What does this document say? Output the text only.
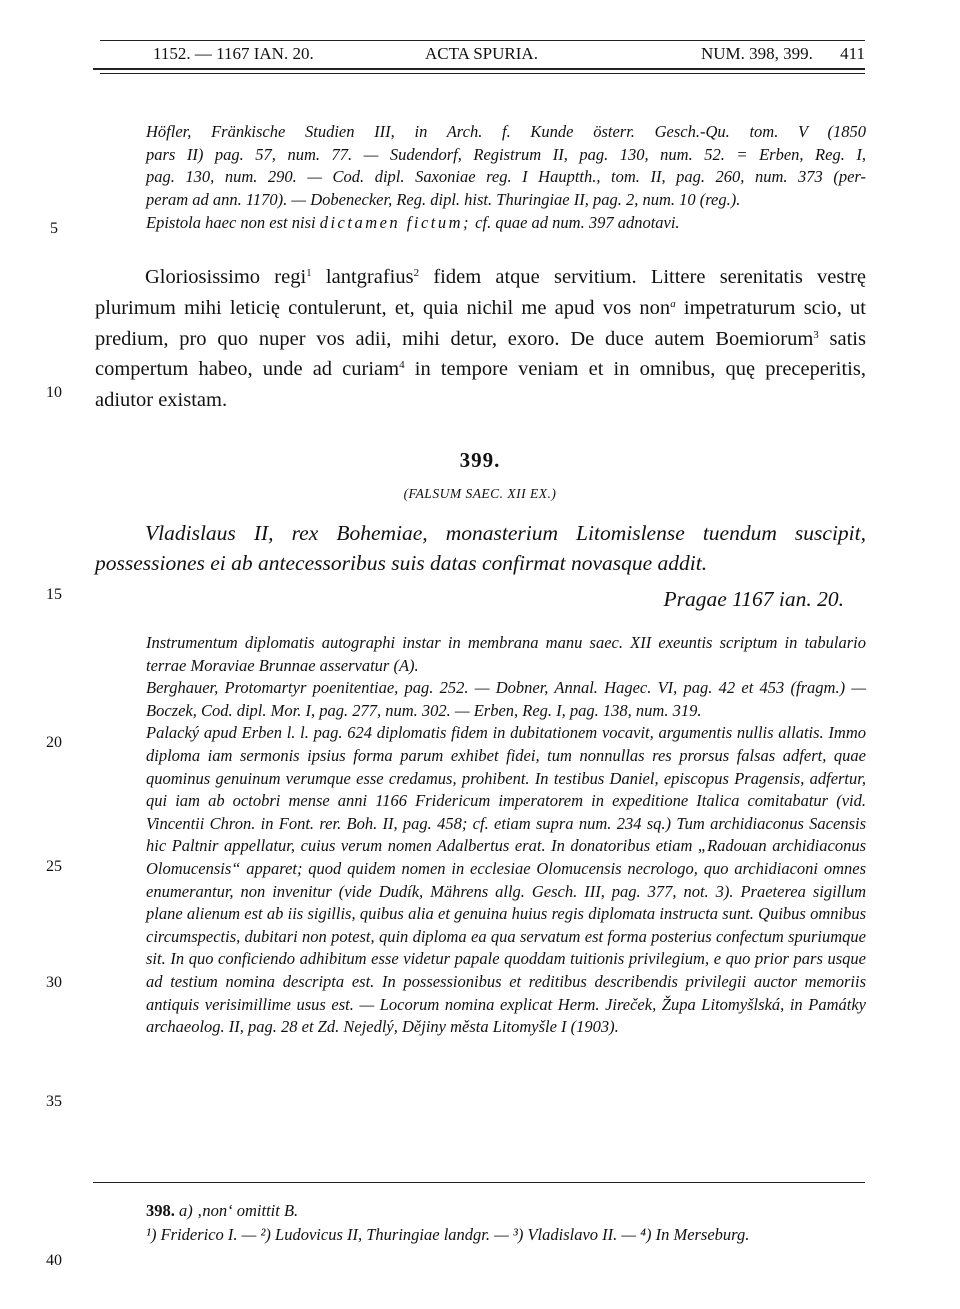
1152. — 1167 IAN. 20.	ACTA SPURIA.	NUM. 398, 399. 411
5
10
15
20
25
30
35
40

Höfler, Fränkische Studien III, in Arch. f. Kunde österr. Gesch.-Qu. tom. V (1850

pars II) pag. 57, num. 77. — Sudendorf, Registrum II, pag. 130, num. 52. = Erben, Reg. I,

pag. 130, num. 290. — Cod. dipl. Saxoniae reg. I Hauptth., tom. II, pag. 260, num. 373 (per-

peram ad ann. 1170). — Dobenecker, Reg. dipl. hist. Thuringiae II, pag. 2, num. 10 (reg.).

Epistola haec non est nisi dictamen fictum; cf. quae ad num. 397 adnotavi.

Gloriosissimo regi$^1$ lantgrafius$^2$ fidem atque servitium. Littere serenitatis vestrę plurimum mihi leticię contulerunt, et, quia nichil me apud vos non$^a$ impetraturum scio, ut predium, pro quo nuper vos adii, mihi detur, exoro. De duce autem Boemiorum$^3$ satis compertum habeo, unde ad curiam$^4$ in tempore veniam et in omnibus, quę preceperitis, adiutor existam.

399.
(FALSUM SAEC. XII EX.)

Vladislaus II, rex Bohemiae, monasterium Litomislense tuendum suscipit, possessiones ei ab antecessoribus suis datas confirmat novasque addit.

Pragae 1167 ian. 20.

Instrumentum diplomatis autographi instar in membrana manu saec. XII exeuntis scriptum in tabulario terrae Moraviae Brunnae asservatur (A).

Berghauer, Protomartyr poenitentiae, pag. 252. — Dobner, Annal. Hagec. VI, pag. 42 et 453 (fragm.) — Boczek, Cod. dipl. Mor. I, pag. 277, num. 302. — Erben, Reg. I, pag. 138, num. 319.

Palacký apud Erben l. l. pag. 624 diplomatis fidem in dubitationem vocavit, argumentis nullis allatis. Immo diploma iam sermonis ipsius forma parum exhibet fidei, tum nonnullas res prorsus falsas adfert, quae quominus genuinum verumque esse credamus, prohibent. In testibus Daniel, episcopus Pragensis, adfertur, qui iam ab octobri mense anni 1166 Fridericum imperatorem in expeditione Italica comitabatur (vid. Vincentii Chron. in Font. rer. Boh. II, pag. 458; cf. etiam supra num. 234 sq.) Tum archidiaconus Sacensis hic Paltnir appellatur, cuius verum nomen Adalbertus erat. In donatoribus etiam „Radouan archidiaconus Olomucensis“ apparet; quod quidem nomen in ecclesiae Olomucensis necrologo, quo archidiaconi omnes enumerantur, non invenitur (vide Dudík, Mährens allg. Gesch. III, pag. 377, not. 3). Praeterea sigillum plane alienum est ab iis sigillis, quibus alia et genuina huius regis diplomata instructa sunt. Quibus omnibus circumspectis, dubitari non potest, quin diploma ea qua servatum est forma posterius confectum spuriumque sit. In quo conficiendo adhibitum esse videtur papale quoddam tuitionis privilegium, e quo prior pars usque ad testium nomina descripta est. In possessionibus et reditibus describendis privilegii auctor memoriis antiquis verisimillime usus est. — Locorum nomina explicat Herm. Jireček, Župa Litomyšlská, in Památky archaeolog. II, pag. 28 et Zd. Nejedlý, Dějiny města Litomyšle I (1903).

398. a) ‚non‘ omittit B.

¹) Friderico I. — ²) Ludovicus II, Thuringiae landgr. — ³) Vladislavo II. — ⁴) In Merseburg.
